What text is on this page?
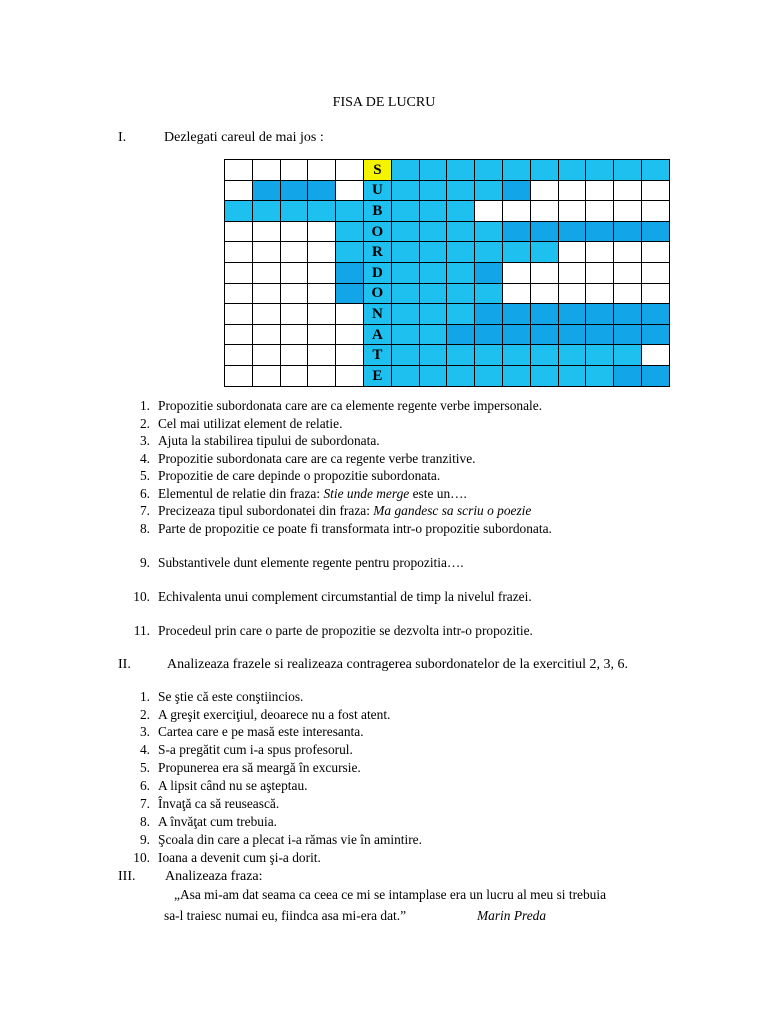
FISA DE LUCRU
I.	Dezlegati careul de mai jos :
					S										
					U										
					B										
					O										
					R										
					D										
					O										
					N										
					A										
					T										
					E										
1. Propozitie subordonata care are ca elemente regente verbe impersonale.
2. Cel mai utilizat element de relatie.
3. Ajuta la stabilirea tipului de subordonata.
4. Propozitie subordonata care are ca regente verbe tranzitive.
5. Propozitie de care depinde o propozitie subordonata.
6. Elementul de relatie din fraza: Stie unde merge este un….
7. Precizeaza tipul subordonatei din fraza: Ma gandesc sa scriu o poezie
8. Parte de propozitie ce poate fi transformata intr-o propozitie subordonata.
9. Substantivele dunt elemente regente pentru propozitia….
10. Echivalenta unui complement circumstantial de timp la nivelul frazei.
11. Procedeul prin care o parte de propozitie se dezvolta intr-o propozitie.
II.	Analizeaza frazele si realizeaza contragerea subordonatelor de la exercitiul 2, 3, 6.
1. Se ştie că este conştiincios.
2. A greşit exerciţiul, deoarece nu a fost atent.
3. Cartea care e pe masă este interesanta.
4. S-a pregătit cum i-a spus profesorul.
5. Propunerea era să meargă în excursie.
6. A lipsit când nu se aşteptau.
7. Învaţă ca să reusească.
8. A învăţat cum trebuia.
9. Şcoala din care a plecat i-a rămas vie în amintire.
10. Ioana a devenit cum şi-a dorit.
III. Analizeaza fraza:
„Asa mi-am dat seama ca ceea ce mi se intamplase era un lucru al meu si trebuia
sa-l traiesc numai eu, fiindca asa mi-era dat.”	Marin Preda
